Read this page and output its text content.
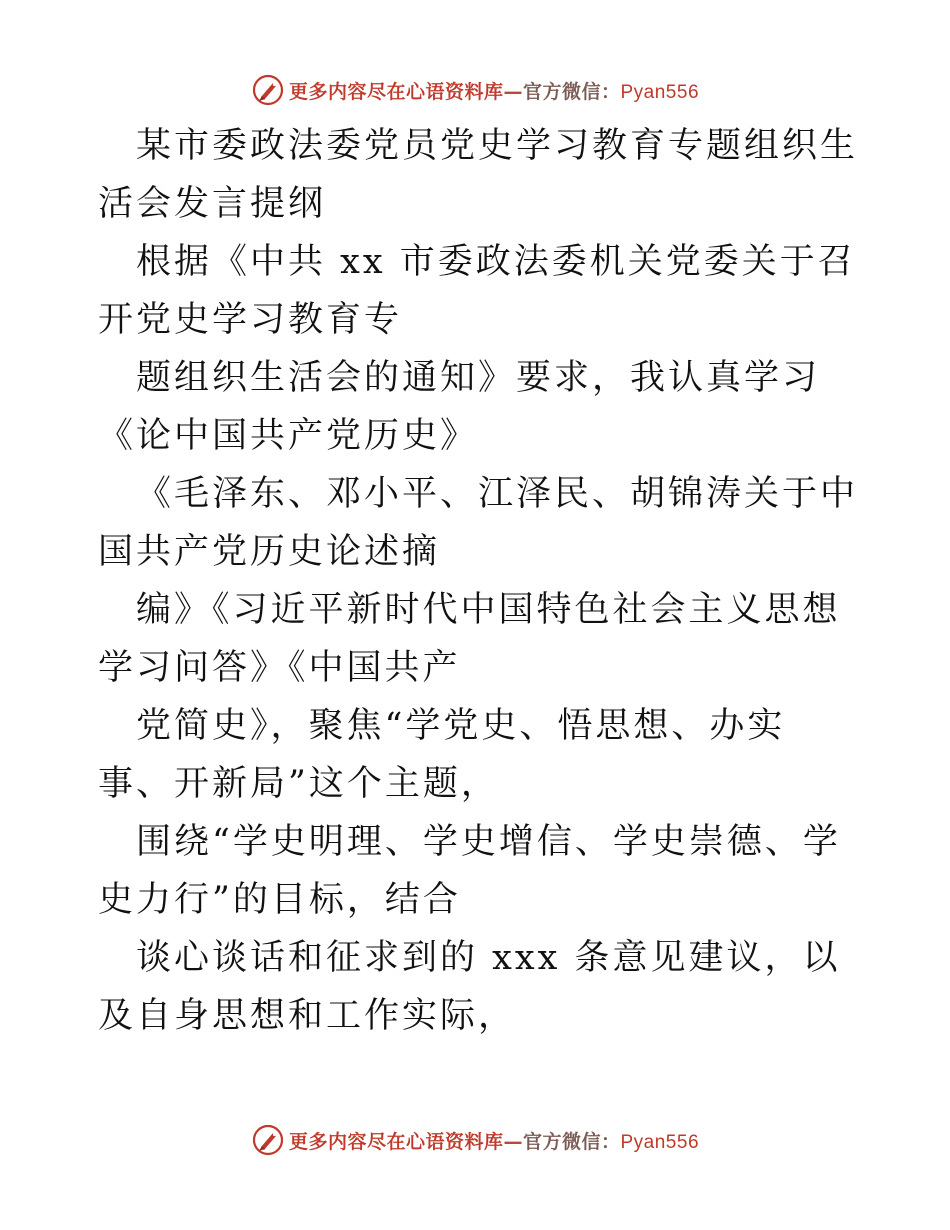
更多内容尽在心语资料库—官方微信：Pyan556

某市委政法委党员党史学习教育专题组织生活会发言提纲

根据《中共 xx 市委政法委机关党委关于召开党史学习教育专

题组织生活会的通知》要求，我认真学习《论中国共产党历史》

《毛泽东、邓小平、江泽民、胡锦涛关于中国共产党历史论述摘

编》《习近平新时代中国特色社会主义思想学习问答》《中国共产

党简史》，聚焦“学党史、悟思想、办实事、开新局”这个主题，

围绕“学史明理、学史增信、学史崇德、学史力行”的目标，结合

谈心谈话和征求到的 xxx 条意见建议，以及自身思想和工作实际，

更多内容尽在心语资料库—官方微信：Pyan556
